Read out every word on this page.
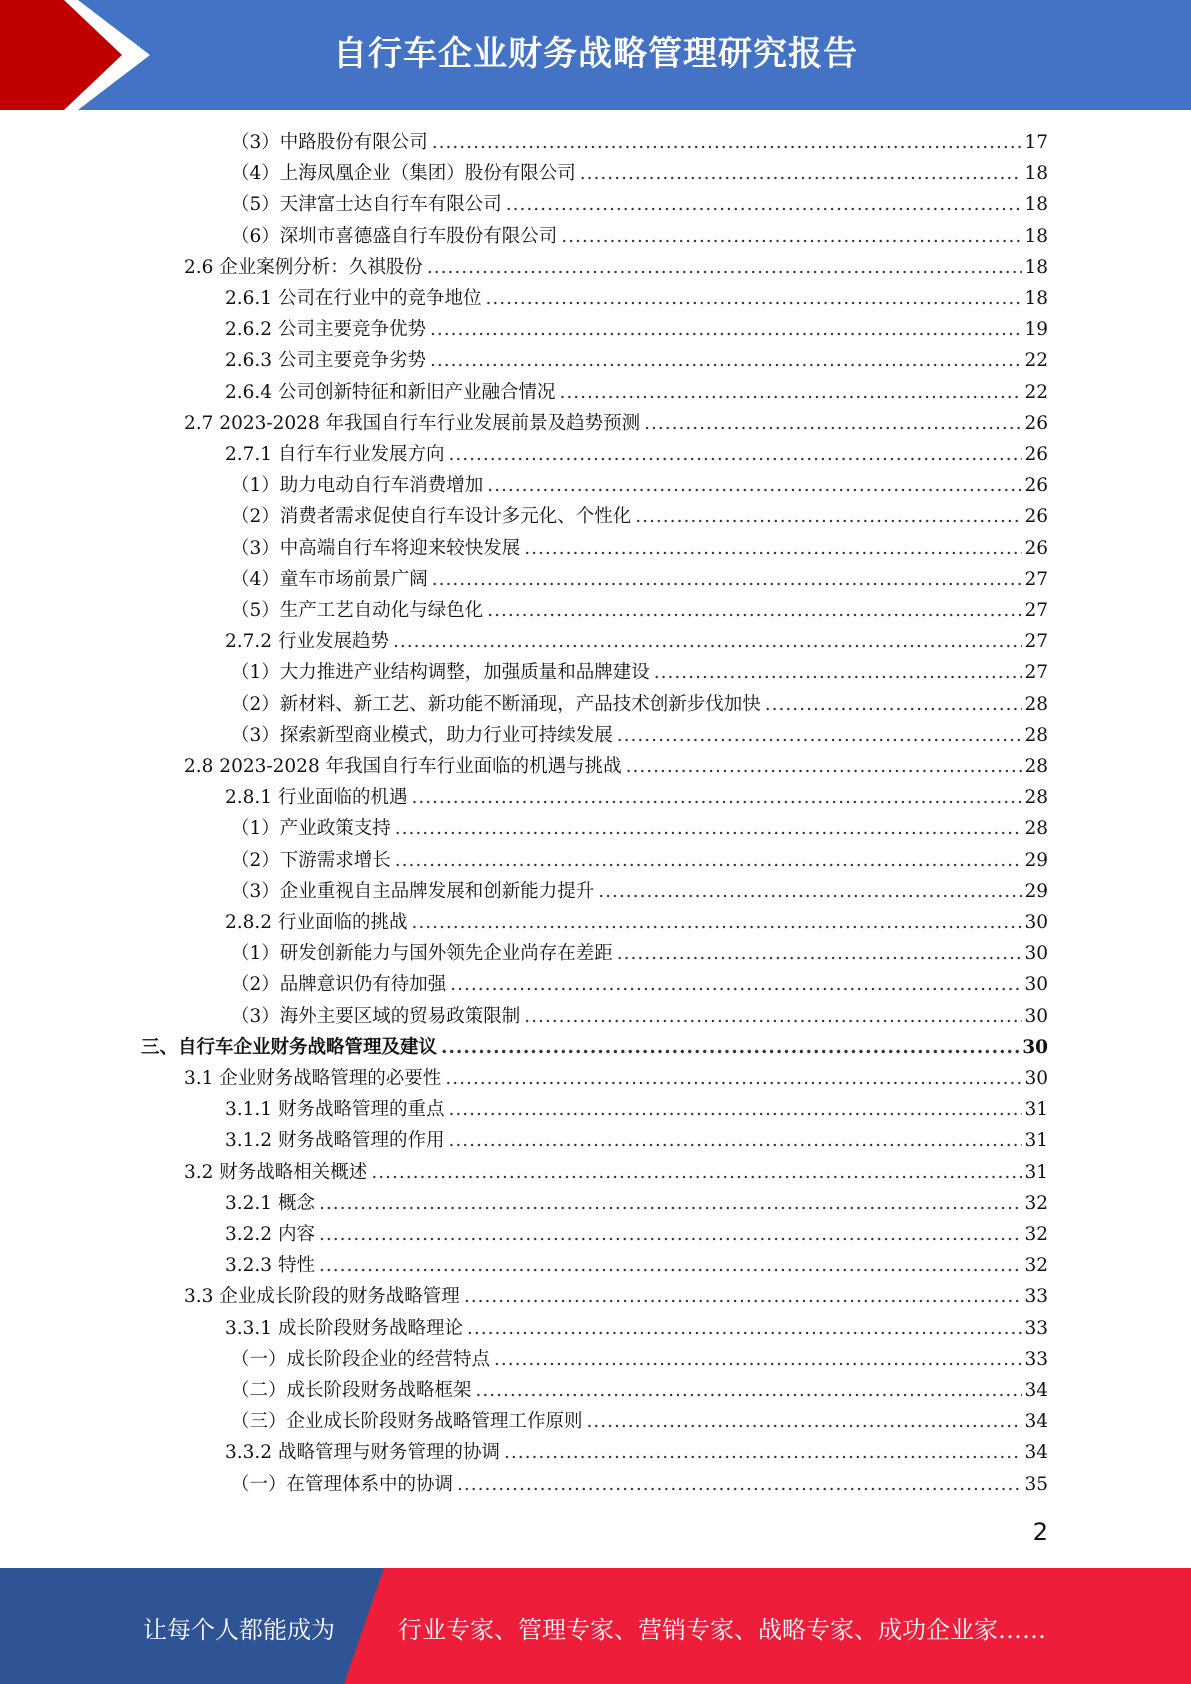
自行车企业财务战略管理研究报告
（3）中路股份有限公司 .....	17
（4）上海凤凰企业（集团）股份有限公司 .....	18
（5）天津富士达自行车有限公司 .....	18
（6）深圳市喜德盛自行车股份有限公司 .....	18
2.6 企业案例分析：久祺股份 .....	18
2.6.1 公司在行业中的竞争地位 .....	18
2.6.2 公司主要竞争优势 .....	19
2.6.3 公司主要竞争劣势 .....	22
2.6.4 公司创新特征和新旧产业融合情况 .....	22
2.7 2023-2028 年我国自行车行业发展前景及趋势预测 .....	26
2.7.1 自行车行业发展方向 .....	26
（1）助力电动自行车消费增加 .....	26
（2）消费者需求促使自行车设计多元化、个性化 .....	26
（3）中高端自行车将迎来较快发展 .....	26
（4）童车市场前景广阔 .....	27
（5）生产工艺自动化与绿色化 .....	27
2.7.2 行业发展趋势 .....	27
（1）大力推进产业结构调整，加强质量和品牌建设 .....	27
（2）新材料、新工艺、新功能不断涌现，产品技术创新步伐加快 .....	28
（3）探索新型商业模式，助力行业可持续发展 .....	28
2.8 2023-2028 年我国自行车行业面临的机遇与挑战 .....	28
2.8.1 行业面临的机遇 .....	28
（1）产业政策支持 .....	28
（2）下游需求增长 .....	29
（3）企业重视自主品牌发展和创新能力提升 .....	29
2.8.2 行业面临的挑战 .....	30
（1）研发创新能力与国外领先企业尚存在差距 .....	30
（2）品牌意识仍有待加强 .....	30
（3）海外主要区域的贸易政策限制 .....	30
三、自行车企业财务战略管理及建议 .....	30
3.1 企业财务战略管理的必要性 .....	30
3.1.1 财务战略管理的重点 .....	31
3.1.2 财务战略管理的作用 .....	31
3.2 财务战略相关概述 .....	31
3.2.1 概念 .....	32
3.2.2 内容 .....	32
3.2.3 特性 .....	32
3.3 企业成长阶段的财务战略管理 .....	33
3.3.1 成长阶段财务战略理论 .....	33
（一）成长阶段企业的经营特点 .....	33
（二）成长阶段财务战略框架 .....	34
（三）企业成长阶段财务战略管理工作原则 .....	34
3.3.2 战略管理与财务管理的协调 .....	34
（一）在管理体系中的协调 .....	35
2
让每个人都能成为	行业专家、管理专家、营销专家、战略专家、成功企业家……
